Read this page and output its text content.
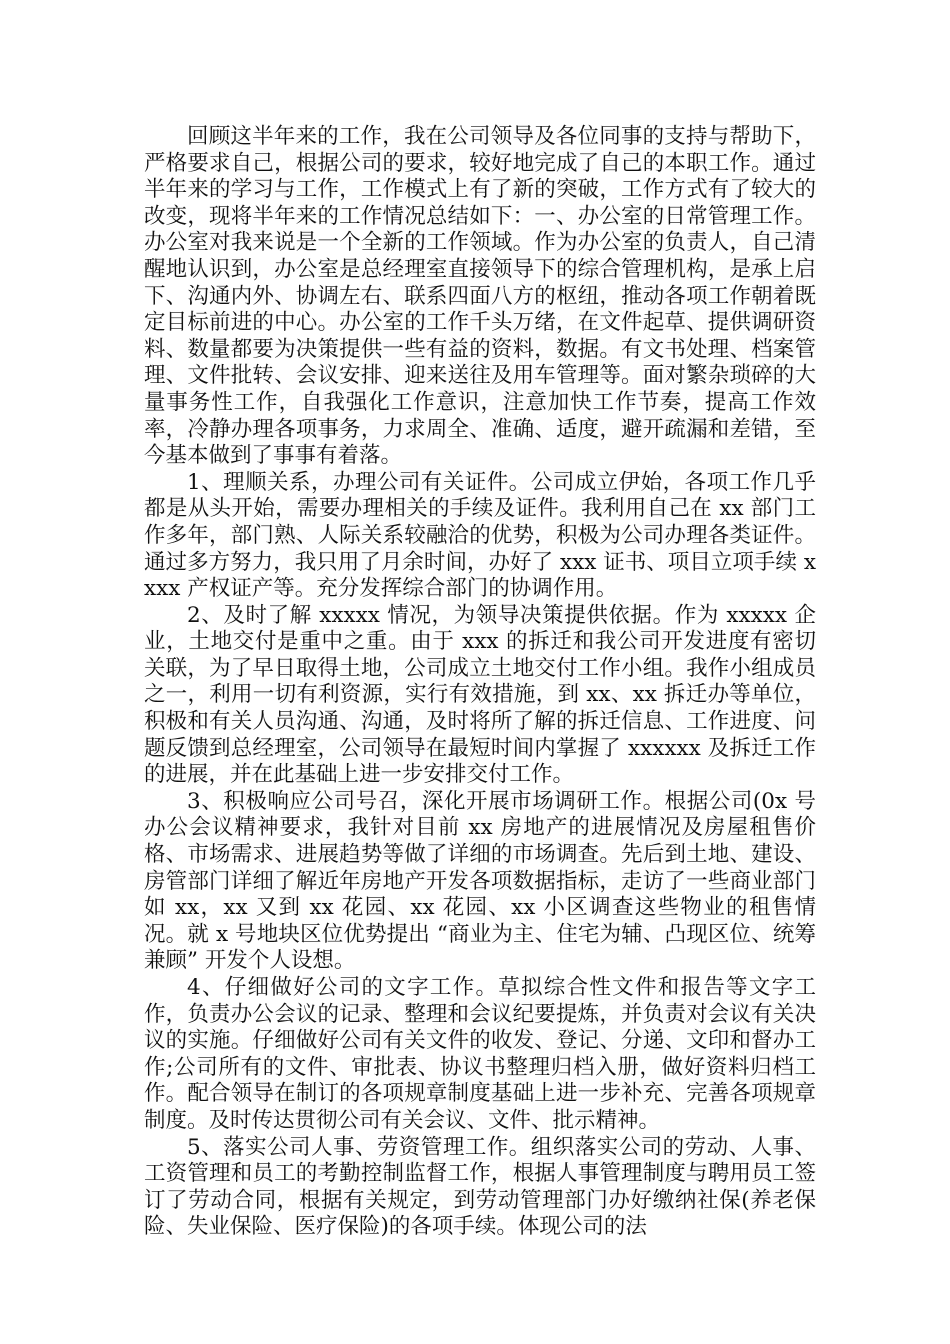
回顾这半年来的工作，我在公司领导及各位同事的支持与帮助下，严格要求自己，根据公司的要求，较好地完成了自己的本职工作。通过半年来的学习与工作，工作模式上有了新的突破，工作方式有了较大的改变，现将半年来的工作情况总结如下：一、办公室的日常管理工作。办公室对我来说是一个全新的工作领域。作为办公室的负责人，自己清醒地认识到，办公室是总经理室直接领导下的综合管理机构，是承上启下、沟通内外、协调左右、联系四面八方的枢纽，推动各项工作朝着既定目标前进的中心。办公室的工作千头万绪，在文件起草、提供调研资料、数量都要为决策提供一些有益的资料，数据。有文书处理、档案管理、文件批转、会议安排、迎来送往及用车管理等。面对繁杂琐碎的大量事务性工作，自我强化工作意识，注意加快工作节奏，提高工作效率，冷静办理各项事务，力求周全、准确、适度，避开疏漏和差错，至今基本做到了事事有着落。

1、理顺关系，办理公司有关证件。公司成立伊始，各项工作几乎都是从头开始，需要办理相关的手续及证件。我利用自己在 xx 部门工作多年，部门熟、人际关系较融洽的优势，积极为公司办理各类证件。通过多方努力，我只用了月余时间，办好了 xxx 证书、项目立项手续 xxxx 产权证产等。充分发挥综合部门的协调作用。

2、及时了解 xxxxx 情况，为领导决策提供依据。作为 xxxxx 企业，土地交付是重中之重。由于 xxx 的拆迁和我公司开发进度有密切关联，为了早日取得土地，公司成立土地交付工作小组。我作小组成员之一，利用一切有利资源，实行有效措施，到 xx、xx 拆迁办等单位，积极和有关人员沟通、沟通，及时将所了解的拆迁信息、工作进度、问题反馈到总经理室，公司领导在最短时间内掌握了 xxxxxx 及拆迁工作的进展，并在此基础上进一步安排交付工作。

3、积极响应公司号召，深化开展市场调研工作。根据公司(0x 号办公会议精神要求，我针对目前 xx 房地产的进展情况及房屋租售价格、市场需求、进展趋势等做了详细的市场调查。先后到土地、建设、房管部门详细了解近年房地产开发各项数据指标，走访了一些商业部门如 xx，xx 又到 xx 花园、xx 花园、xx 小区调查这些物业的租售情况。就 x 号地块区位优势提出 “商业为主、住宅为辅、凸现区位、统筹兼顾” 开发个人设想。

4、仔细做好公司的文字工作。草拟综合性文件和报告等文字工作，负责办公会议的记录、整理和会议纪要提炼，并负责对会议有关决议的实施。仔细做好公司有关文件的收发、登记、分递、文印和督办工作;公司所有的文件、审批表、协议书整理归档入册，做好资料归档工作。配合领导在制订的各项规章制度基础上进一步补充、完善各项规章制度。及时传达贯彻公司有关会议、文件、批示精神。

5、落实公司人事、劳资管理工作。组织落实公司的劳动、人事、工资管理和员工的考勤控制监督工作，根据人事管理制度与聘用员工签订了劳动合同，根据有关规定，到劳动管理部门办好缴纳社保(养老保险、失业保险、医疗保险)的各项手续。体现公司的法
